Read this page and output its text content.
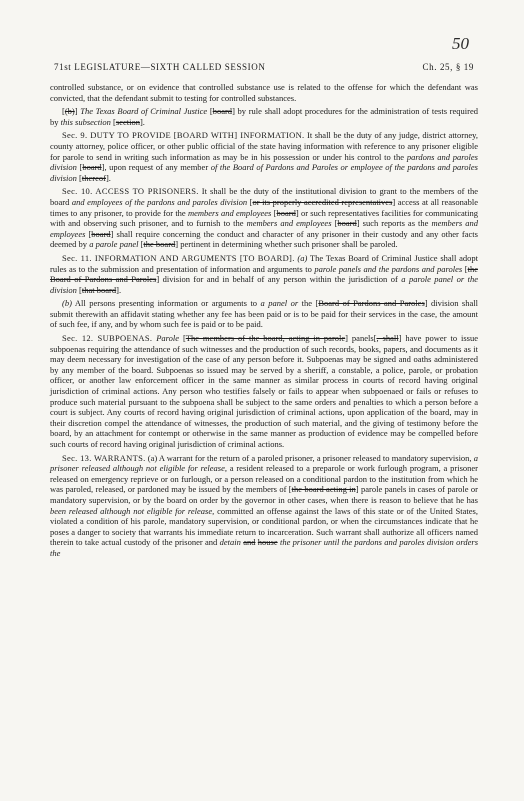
50
71st LEGISLATURE—SIXTH CALLED SESSION	Ch. 25, § 19

controlled substance, or on evidence that controlled substance use is related to the offense for which the defendant was convicted, that the defendant submit to testing for controlled substances.

[(b)] The Texas Board of Criminal Justice [board] by rule shall adopt procedures for the administration of tests required by this subsection [section].

Sec. 9. DUTY TO PROVIDE [BOARD WITH] INFORMATION. It shall be the duty of any judge, district attorney, county attorney, police officer, or other public official of the state having information with reference to any prisoner eligible for parole to send in writing such information as may be in his possession or under his control to the pardons and paroles division [board], upon request of any member of the Board of Pardons and Paroles or employee of the pardons and paroles division [thereof].

Sec. 10. ACCESS TO PRISONERS. It shall be the duty of the institutional division to grant to the members of the board and employees of the pardons and paroles division [or its properly accredited representatives] access at all reasonable times to any prisoner, to provide for the members and employees [board] or such representatives facilities for communicating with and observing such prisoner, and to furnish to the members and employees [board] such reports as the members and employees [board] shall require concerning the conduct and character of any prisoner in their custody and any other facts deemed by a parole panel [the board] pertinent in determining whether such prisoner shall be paroled.

Sec. 11. INFORMATION AND ARGUMENTS [TO BOARD]. (a) The Texas Board of Criminal Justice shall adopt rules as to the submission and presentation of information and arguments to parole panels and the pardons and paroles [the Board of Pardons and Paroles] division for and in behalf of any person within the jurisdiction of a parole panel or the division [that board].

(b) All persons presenting information or arguments to a panel or the [Board of Pardons and Paroles] division shall submit therewith an affidavit stating whether any fee has been paid or is to be paid for their services in the case, the amount of such fee, if any, and by whom such fee is paid or to be paid.

Sec. 12. SUBPOENAS. Parole [The members of the board, acting in parole] panels[, shall] have power to issue subpoenas requiring the attendance of such witnesses and the production of such records, books, papers, and documents as it may deem necessary for investigation of the case of any person before it. Subpoenas may be signed and oaths administered by any member of the board. Subpoenas so issued may be served by a sheriff, a constable, a police, parole, or probation officer, or another law enforcement officer in the same manner as similar process in courts of record having original jurisdiction of criminal actions. Any person who testifies falsely or fails to appear when subpoenaed or fails or refuses to produce such material pursuant to the subpoena shall be subject to the same orders and penalties to which a person before a court is subject. Any courts of record having original jurisdiction of criminal actions, upon application of the board, may in their discretion compel the attendance of witnesses, the production of such material, and the giving of testimony before the board, by an attachment for contempt or otherwise in the same manner as production of evidence may be compelled before such courts of record having original jurisdiction of criminal actions.

Sec. 13. WARRANTS. (a) A warrant for the return of a paroled prisoner, a prisoner released to mandatory supervision, a prisoner released although not eligible for release, a resident released to a preparole or work furlough program, a prisoner released on emergency reprieve or on furlough, or a person released on a conditional pardon to the institution from which he was paroled, released, or pardoned may be issued by the members of [the board acting in] parole panels in cases of parole or mandatory supervision, or by the board on order by the governor in other cases, when there is reason to believe that he has been released although not eligible for release, committed an offense against the laws of this state or of the United States, violated a condition of his parole, mandatory supervision, or conditional pardon, or when the circumstances indicate that he poses a danger to society that warrants his immediate return to incarceration. Such warrant shall authorize all officers named therein to take actual custody of the prisoner and detain and house the prisoner until the pardons and paroles division orders the
